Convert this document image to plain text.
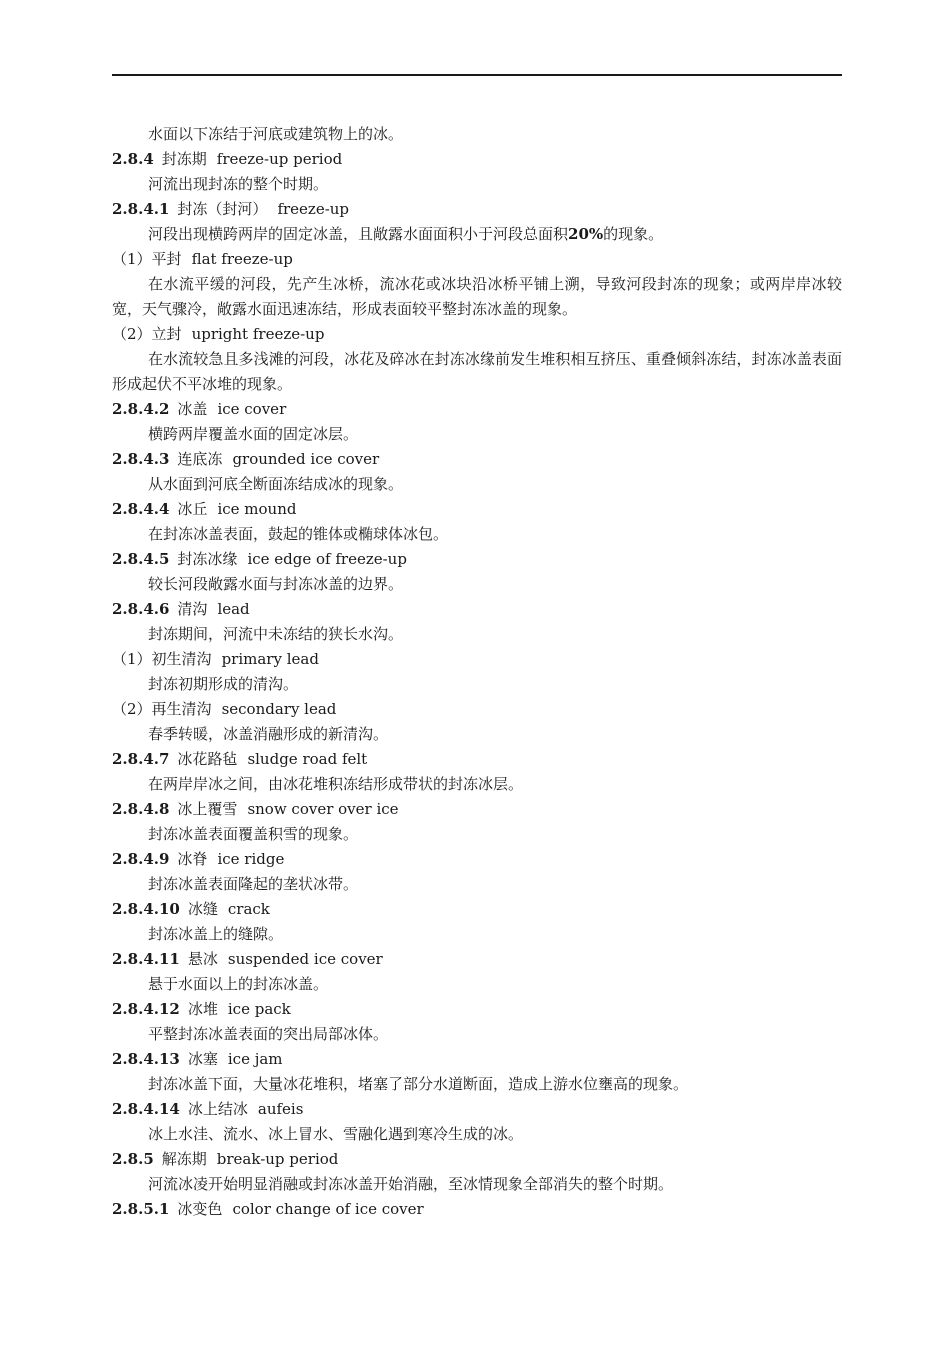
水面以下冻结于河底或建筑物上的冰。
2.8.4 封冻期 freeze-up period
河流出现封冻的整个时期。
2.8.4.1 封冻（封河） freeze-up
河段出现横跨两岸的固定冰盖，且敞露水面面积小于河段总面积20%的现象。
（1）平封 flat freeze-up
在水流平缓的河段，先产生冰桥，流冰花或冰块沿冰桥平铺上溯，导致河段封冻的现象；或两岸岸冰较宽，天气骤冷，敞露水面迅速冻结，形成表面较平整封冻冰盖的现象。
（2）立封 upright freeze-up
在水流较急且多浅滩的河段，冰花及碎冰在封冻冰缘前发生堆积相互挤压、重叠倾斜冻结，封冻冰盖表面形成起伏不平冰堆的现象。
2.8.4.2 冰盖 ice cover
横跨两岸覆盖水面的固定冰层。
2.8.4.3 连底冻 grounded ice cover
从水面到河底全断面冻结成冰的现象。
2.8.4.4 冰丘 ice mound
在封冻冰盖表面，鼓起的锥体或椭球体冰包。
2.8.4.5 封冻冰缘 ice edge of freeze-up
较长河段敞露水面与封冻冰盖的边界。
2.8.4.6 清沟 lead
封冻期间，河流中未冻结的狭长水沟。
（1）初生清沟 primary lead
封冻初期形成的清沟。
（2）再生清沟 secondary lead
春季转暖，冰盖消融形成的新清沟。
2.8.4.7 冰花路毡 sludge road felt
在两岸岸冰之间，由冰花堆积冻结形成带状的封冻冰层。
2.8.4.8 冰上覆雪 snow cover over ice
封冻冰盖表面覆盖积雪的现象。
2.8.4.9 冰脊 ice ridge
封冻冰盖表面隆起的垄状冰带。
2.8.4.10 冰缝 crack
封冻冰盖上的缝隙。
2.8.4.11 悬冰 suspended ice cover
悬于水面以上的封冻冰盖。
2.8.4.12 冰堆 ice pack
平整封冻冰盖表面的突出局部冰体。
2.8.4.13 冰塞 ice jam
封冻冰盖下面，大量冰花堆积，堵塞了部分水道断面，造成上游水位壅高的现象。
2.8.4.14 冰上结冰 aufeis
冰上水洼、流水、冰上冒水、雪融化遇到寒冷生成的冰。
2.8.5 解冻期 break-up period
河流冰凌开始明显消融或封冻冰盖开始消融，至冰情现象全部消失的整个时期。
2.8.5.1 冰变色 color change of ice cover
